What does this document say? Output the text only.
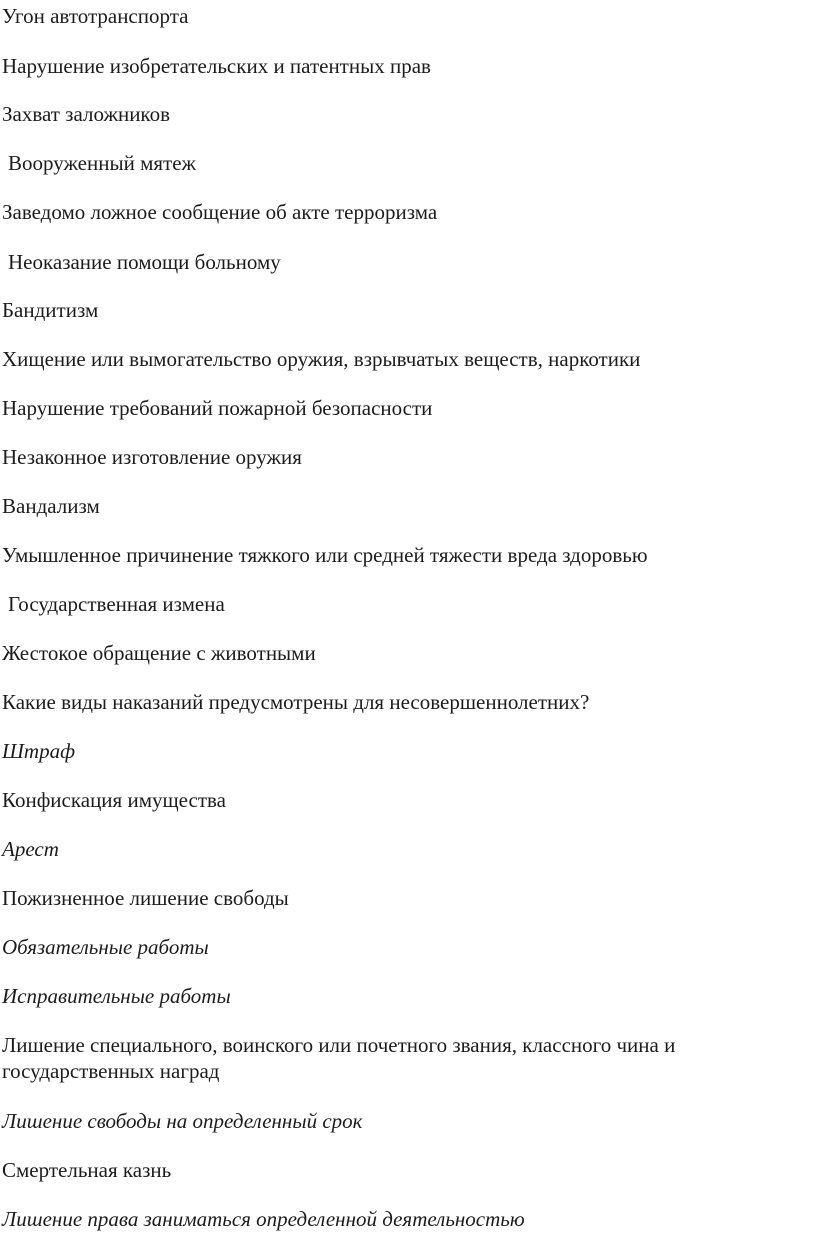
Угон автотранспорта
Нарушение изобретательских и патентных прав
Захват заложников
Вооруженный мятеж
Заведомо ложное сообщение об акте терроризма
Неоказание помощи больному
Бандитизм
Хищение или вымогательство оружия, взрывчатых веществ, наркотики
Нарушение требований пожарной безопасности
Незаконное изготовление оружия
Вандализм
Умышленное причинение тяжкого или средней тяжести вреда здоровью
Государственная измена
Жестокое обращение с животными
Какие виды наказаний предусмотрены для несовершеннолетних?
Штраф
Конфискация имущества
Арест
Пожизненное лишение свободы
Обязательные работы
Исправительные работы
Лишение специального, воинского или почетного звания, классного чина и государственных наград
Лишение свободы на определенный срок
Смертельная казнь
Лишение права заниматься определенной деятельностью
